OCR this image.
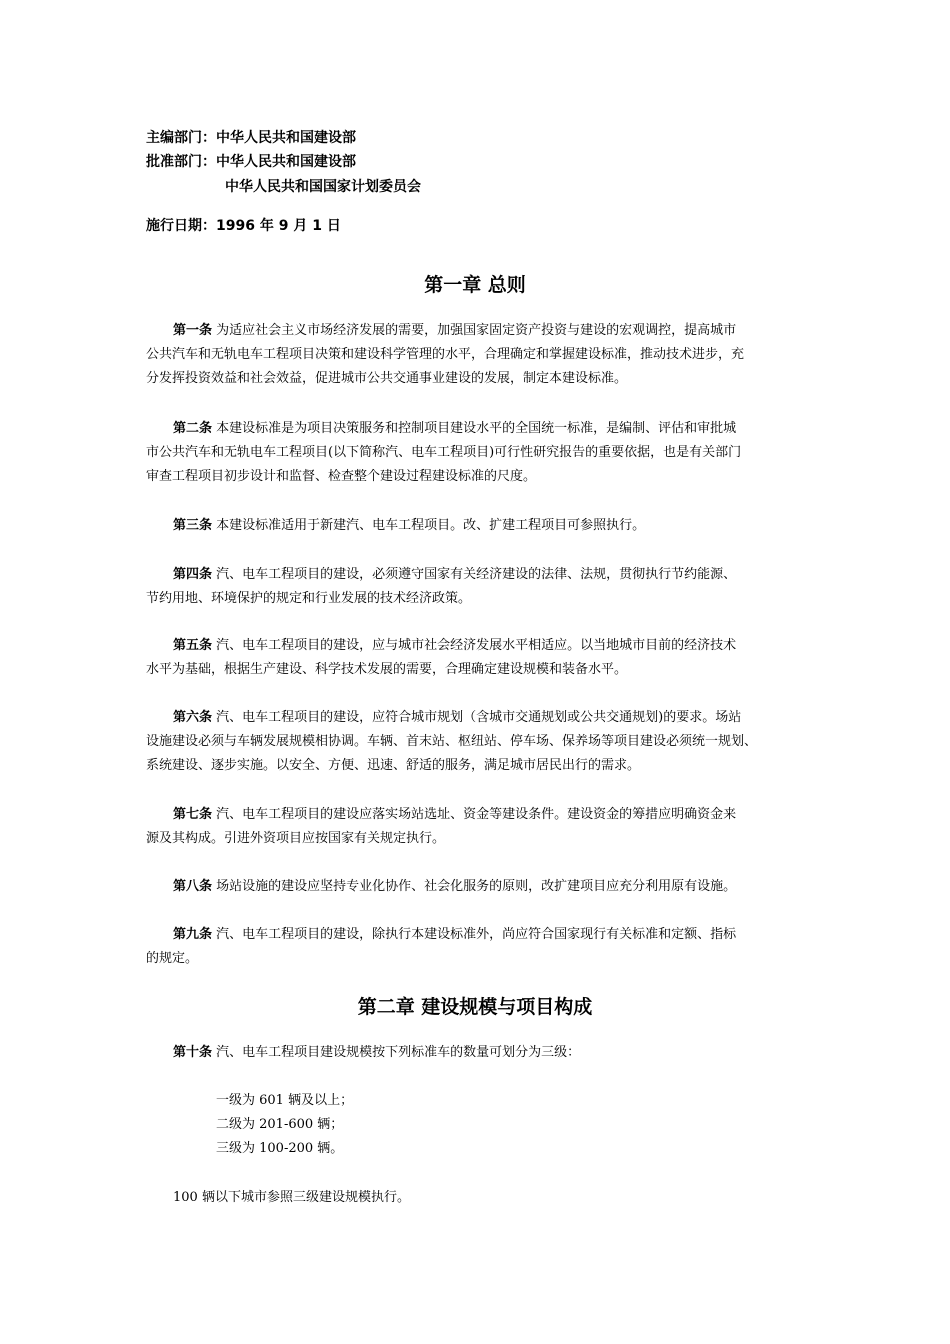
主编部门：中华人民共和国建设部
批准部门：中华人民共和国建设部
中华人民共和国国家计划委员会
施行日期：1996 年 9 月 1 日
第一章 总则
第一条 为适应社会主义市场经济发展的需要，加强国家固定资产投资与建设的宏观调控，提高城市
公共汽车和无轨电车工程项目决策和建设科学管理的水平，合理确定和掌握建设标准，推动技术进步，充
分发挥投资效益和社会效益，促进城市公共交通事业建设的发展，制定本建设标准。
第二条 本建设标准是为项目决策服务和控制项目建设水平的全国统一标准，是编制、评估和审批城
市公共汽车和无轨电车工程项目(以下简称汽、电车工程项目)可行性研究报告的重要依据，也是有关部门
审查工程项目初步设计和监督、检查整个建设过程建设标准的尺度。
第三条 本建设标准适用于新建汽、电车工程项目。改、扩建工程项目可参照执行。
第四条 汽、电车工程项目的建设，必须遵守国家有关经济建设的法律、法规，贯彻执行节约能源、
节约用地、环境保护的规定和行业发展的技术经济政策。
第五条 汽、电车工程项目的建设，应与城市社会经济发展水平相适应。以当地城市目前的经济技术
水平为基础，根据生产建设、科学技术发展的需要，合理确定建设规模和装备水平。
第六条 汽、电车工程项目的建设，应符合城市规划（含城市交通规划或公共交通规划)的要求。场站
设施建设必须与车辆发展规模相协调。车辆、首末站、枢纽站、停车场、保养场等项目建设必须统一规划、
系统建设、逐步实施。以安全、方便、迅速、舒适的服务，满足城市居民出行的需求。
第七条 汽、电车工程项目的建设应落实场站选址、资金等建设条件。建设资金的筹措应明确资金来
源及其构成。引进外资项目应按国家有关规定执行。
第八条 场站设施的建设应坚持专业化协作、社会化服务的原则，改扩建项目应充分利用原有设施。
第九条 汽、电车工程项目的建设，除执行本建设标准外，尚应符合国家现行有关标准和定额、指标
的规定。
第二章 建设规模与项目构成
第十条 汽、电车工程项目建设规模按下列标准车的数量可划分为三级：
一级为 601 辆及以上；
二级为 201-600 辆；
三级为 100-200 辆。
100 辆以下城市参照三级建设规模执行。
